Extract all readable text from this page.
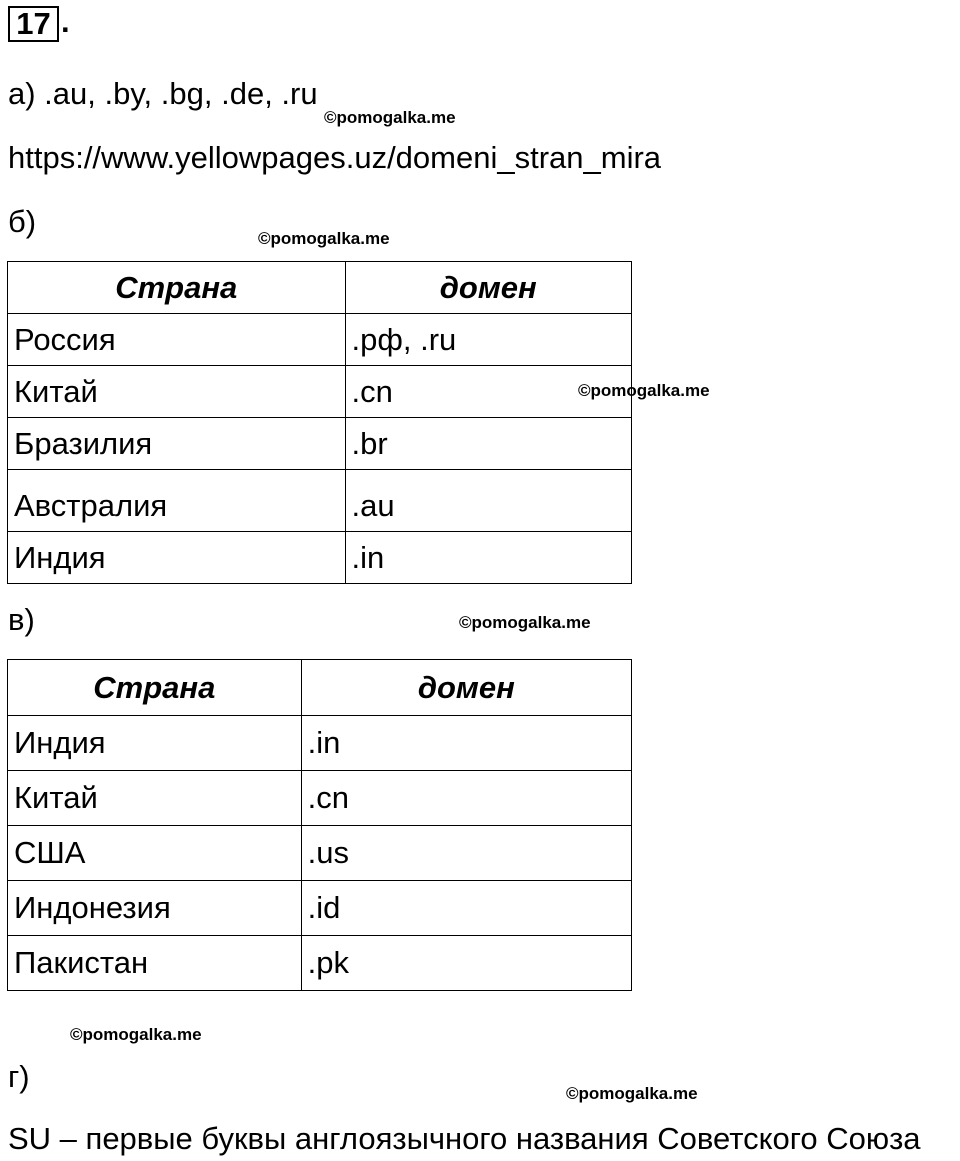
17 .
а) .au, .by, .bg, .de, .ru
©pomogalka.me
https://www.yellowpages.uz/domeni_stran_mira
б)	©pomogalka.me
Страна	домен
Россия	.рф, .ru
Китай	.cn
Бразилия	.br
Австралия	.au
Индия	.in
©pomogalka.me
в)	©pomogalka.me
Страна	домен
Индия	.in
Китай	.cn
США	.us
Индонезия	.id
Пакистан	.pk
©pomogalka.me
г)	©pomogalka.me
SU – первые буквы англоязычного названия Советского Союза
